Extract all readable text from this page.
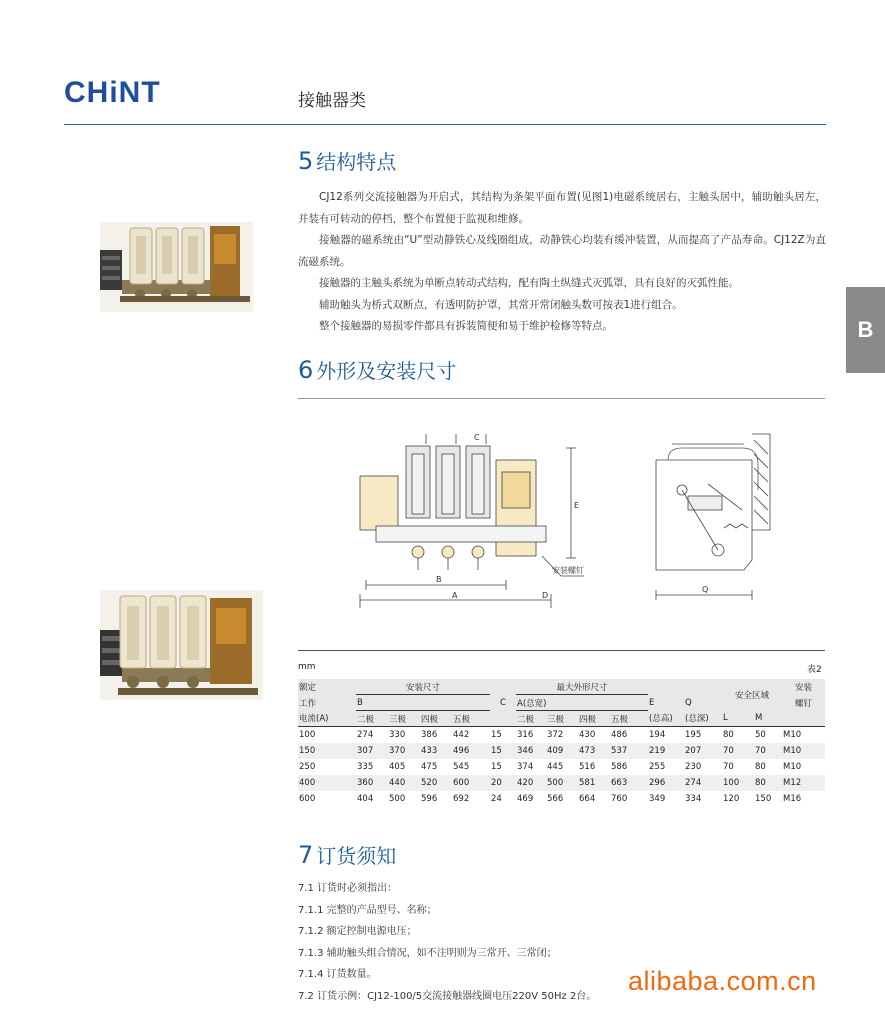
CHiNT	接触器类
B
5 结构特点

CJ12系列交流接触器为开启式，其结构为条架平面布置(见图1)电磁系统居右，主触头居中，辅助触头居左，并装有可转动的停档，整个布置便于监视和维修。

接触器的磁系统由“U”型动静铁心及线圈组成，动静铁心均装有缓冲装置，从而提高了产品寿命。CJ12Z为直流磁系统。

接触器的主触头系统为单断点转动式结构，配有陶土纵缝式灭弧罩，具有良好的灭弧性能。

辅助触头为桥式双断点，有透明防护罩，其常开常闭触头数可按表1进行组合。

整个接触器的易损零件都具有拆装简便和易于维护检修等特点。

6 外形及安装尺寸
B
A
C
D
E
安装螺钉
Q
mm	表2
额定	安装尺寸					最大外形尺寸						安全区域		安装
工作	B				C	A(总宽)				E	Q			螺钉
电流(A)	二极	三极	四极	五极		二极	三极	四极	五极	(总高)	(总深)	L	M	
100	274	330	386	442	15	316	372	430	486	194	195	80	50	M10
150	307	370	433	496	15	346	409	473	537	219	207	70	70	M10
250	335	405	475	545	15	374	445	516	586	255	230	70	80	M10
400	360	440	520	600	20	420	500	581	663	296	274	100	80	M12
600	404	500	596	692	24	469	566	664	760	349	334	120	150	M16
7 订货须知
7.1 订货时必须指出：
7.1.1 完整的产品型号、名称；
7.1.2 额定控制电源电压；
7.1.3 辅助触头组合情况，如不注明则为三常开、三常闭；
7.1.4 订货数量。
7.2 订货示例：CJ12-100/5交流接触器线圈电压220V 50Hz 2台。
alibaba.com.cn
